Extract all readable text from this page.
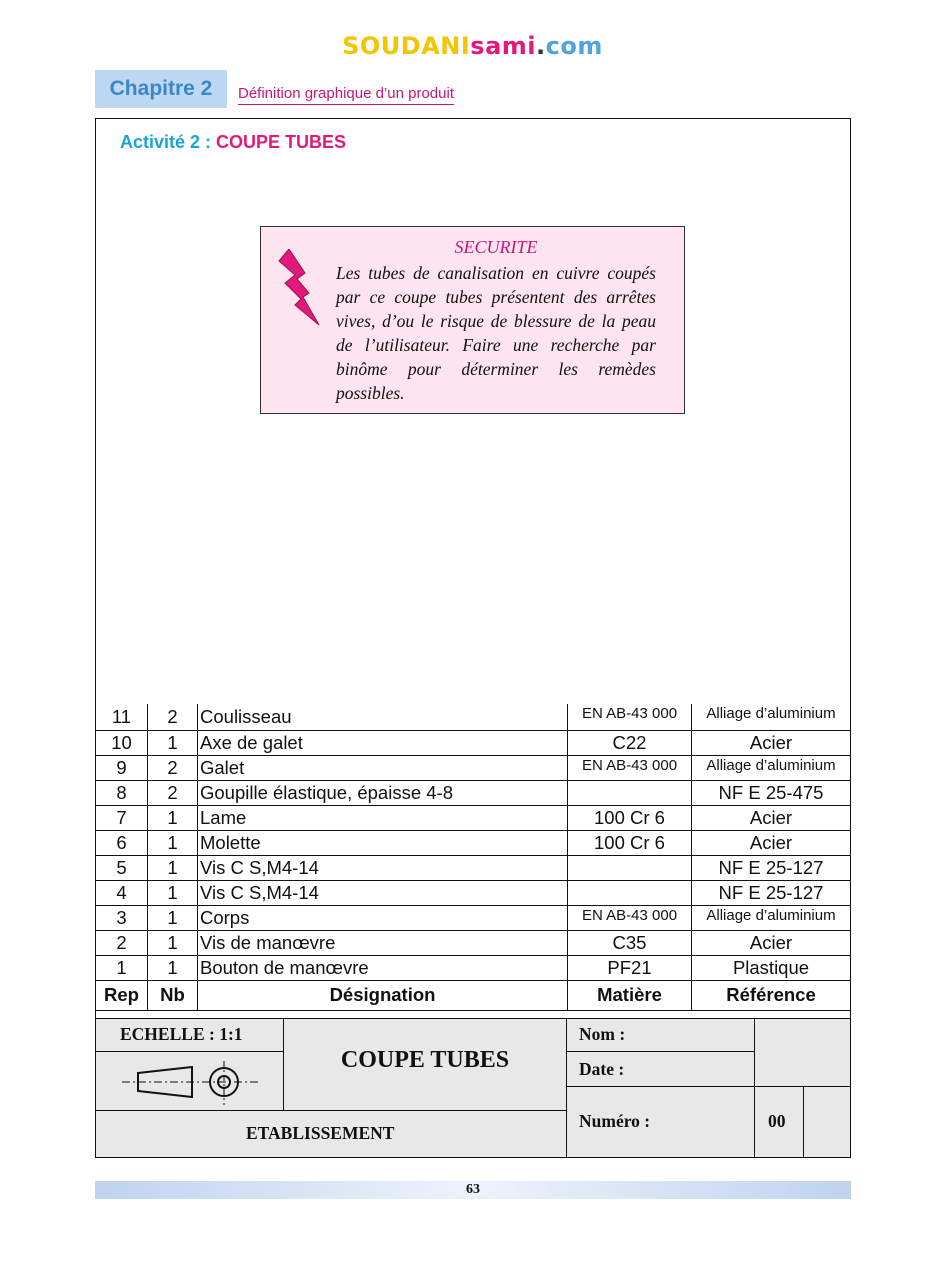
SOUDANIsami.com
Chapitre 2	Définition graphique d’un produit
Activité 2 : COUPE TUBES
SECURITE
Les tubes de canalisation en cuivre coupés par ce coupe tubes présentent des arrêtes vives, d’ou le risque de blessure de la peau de l’utilisateur. Faire une recherche par binôme pour déterminer les remèdes possibles.
11	2	Coulisseau	EN AB-43 000	Alliage d’aluminium
10	1	Axe de galet	C22	Acier
9	2	Galet	EN AB-43 000	Alliage d’aluminium
8	2	Goupille élastique, épaisse 4-8		NF E 25-475
7	1	Lame	100 Cr 6	Acier
6	1	Molette	100 Cr 6	Acier
5	1	Vis C S,M4-14		NF E 25-127
4	1	Vis C S,M4-14		NF E 25-127
3	1	Corps	EN AB-43 000	Alliage d’aluminium
2	1	Vis de manœvre	C35	Acier
1	1	Bouton de manœvre	PF21	Plastique
Rep	Nb	Désignation	Matière	Référence
ECHELLE : 1:1
ETABLISSEMENT
COUPE TUBES
Nom :
Date :
Numéro :	00
63
